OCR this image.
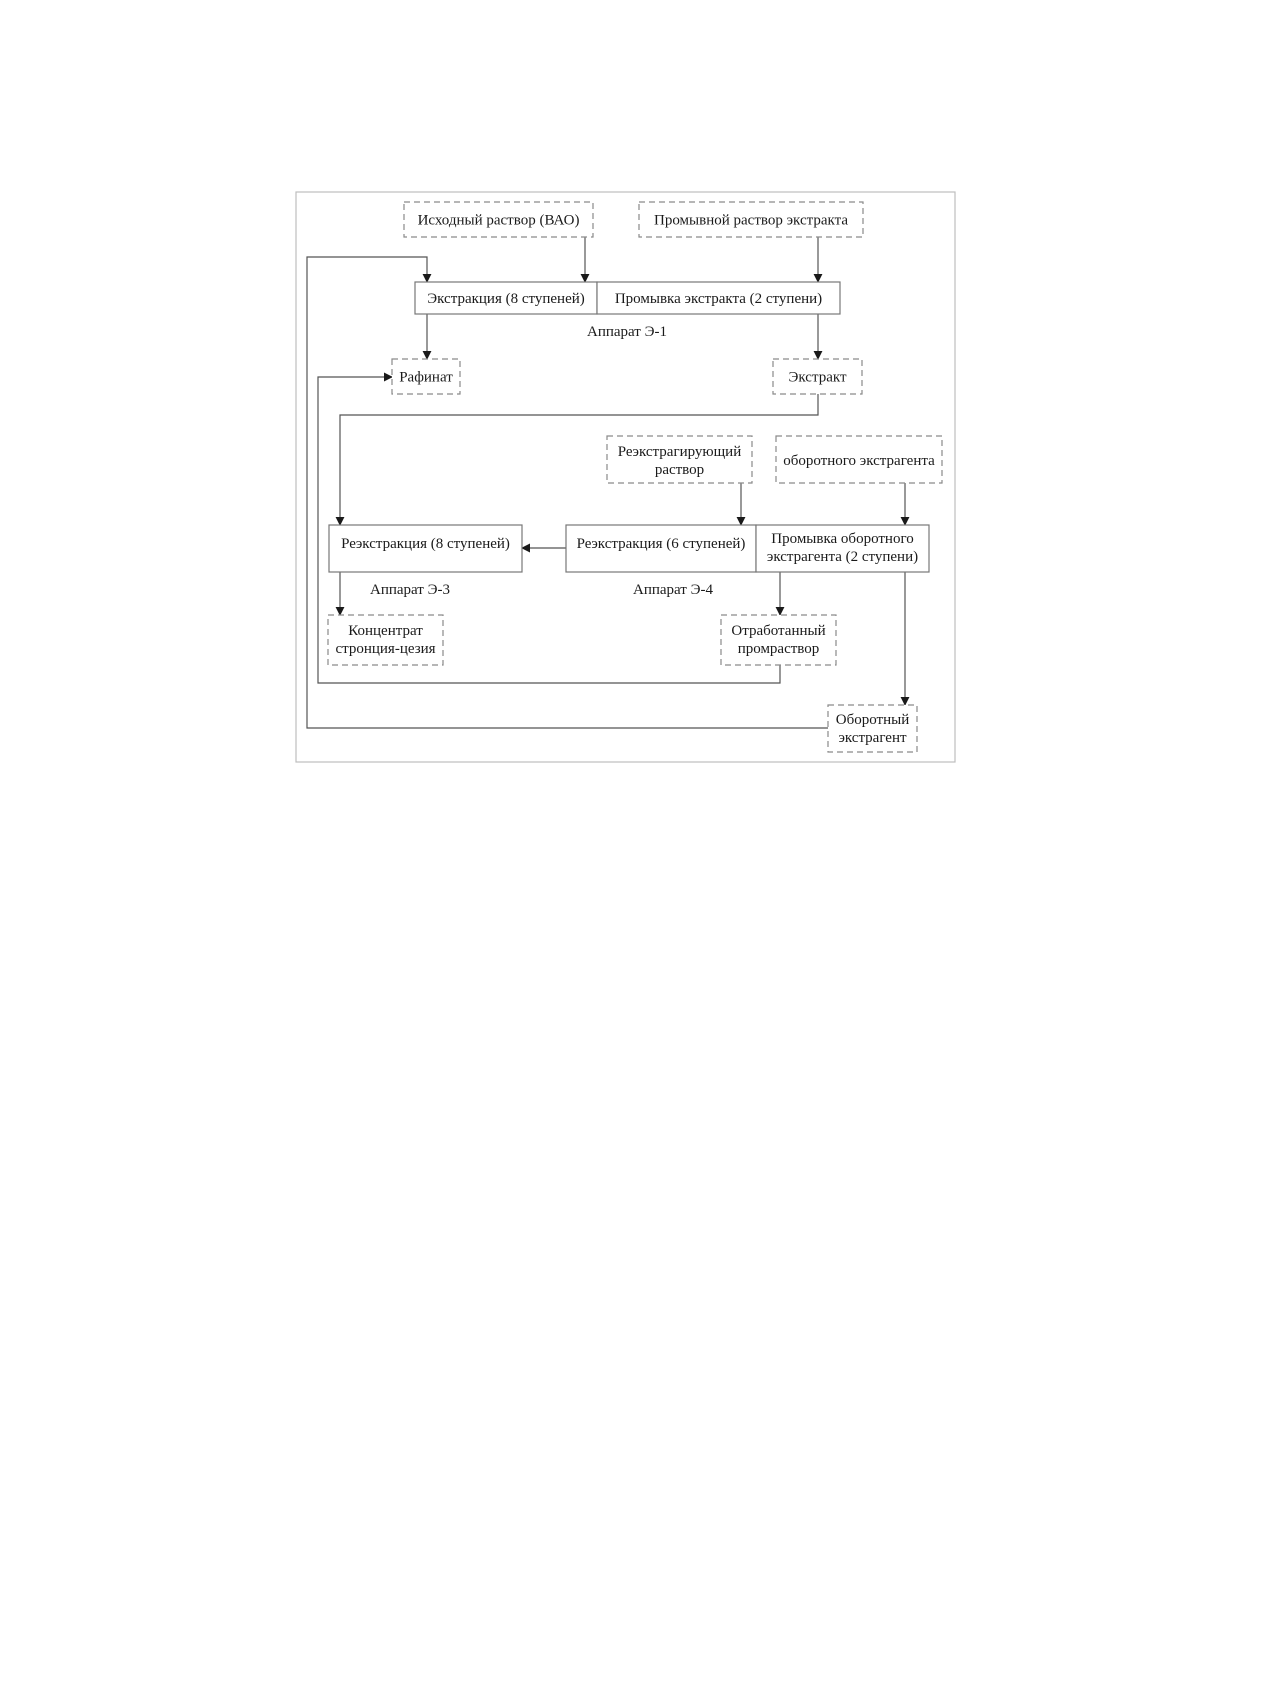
Исходный раствор (ВАО)	Промывной раствор экстракта
Экстракция (8 ступеней) Промывка экстракта (2 ступени)
Рафинат	Экстракт
Реэкстрагирующий раствор
оборотного экстрагента
Реэкстракция (8 ступеней)	Реэкстракция (6 ступеней) Промывка оборотного экстрагента (2 ступени)
Концентрат стронция-цезия
Отработанный промраствор
Оборотный экстрагент
Аппарат Э-1
Аппарат Э-3	Аппарат Э-4
